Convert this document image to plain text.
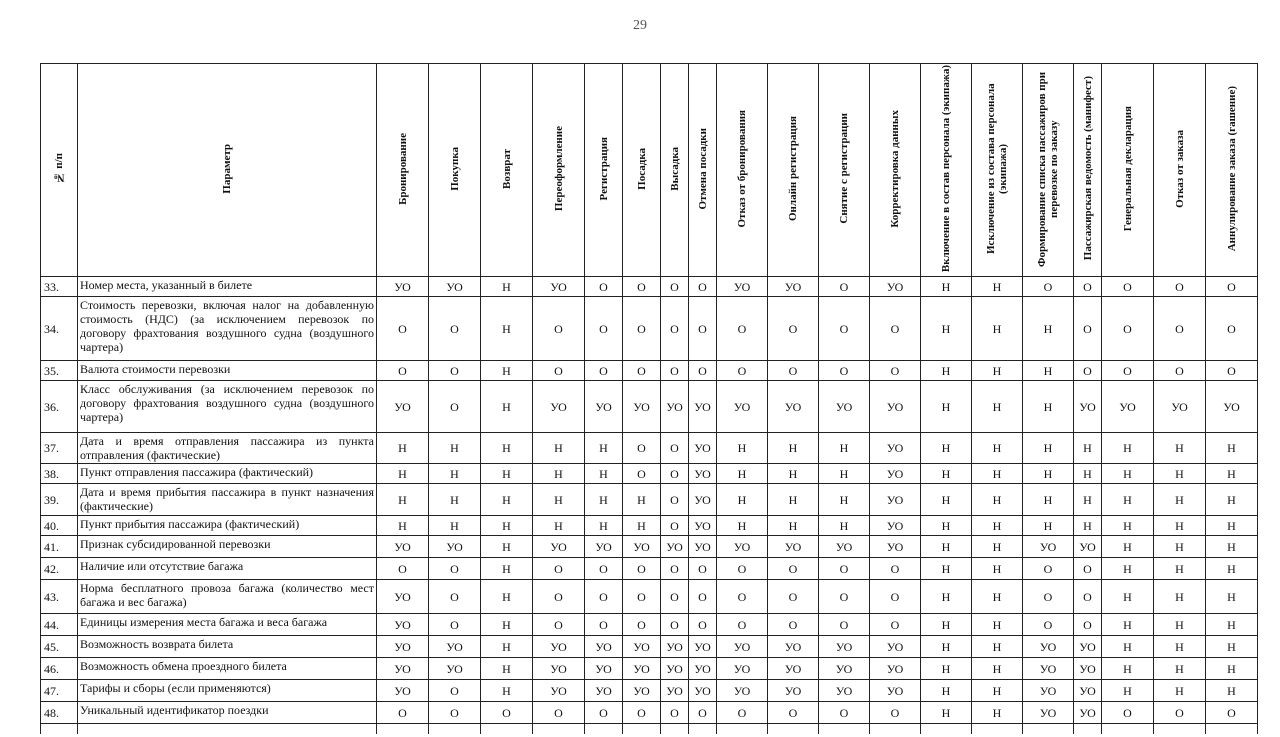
29
№ п/п	Параметр	Бронирование	Покупка	Возврат	Переоформление	Регистрация	Посадка	Высадка	Отмена посадки	Отказ от бронирования	Онлайн регистрация	Снятие с регистрации	Корректировка данных	Включение в состав персонала (экипажа)	Исключение из состава персонала (экипажа)	Формирование списка пассажиров при перевозке по заказу	Пассажирская ведомость (манифест)	Генеральная декларация	Отказ от заказа	Аннулирование заказа (гашение)
33.	Номер места, указанный в билете	УО	УО	Н	УО	О	О	О	О	УО	УО	О	УО	Н	Н	О	О	О	О	О
34.	Стоимость перевозки, включая налог на добавленную стоимость (НДС) (за исключением перевозок по договору фрахтования воздушного судна (воздушного чартера)	О	О	Н	О	О	О	О	О	О	О	О	О	Н	Н	Н	О	О	О	О
35.	Валюта стоимости перевозки	О	О	Н	О	О	О	О	О	О	О	О	О	Н	Н	Н	О	О	О	О
36.	Класс обслуживания (за исключением перевозок по договору фрахтования воздушного судна (воздушного чартера)	УО	О	Н	УО	УО	УО	УО	УО	УО	УО	УО	УО	Н	Н	Н	УО	УО	УО	УО
37.	Дата и время отправления пассажира из пункта отправления (фактические)	Н	Н	Н	Н	Н	О	О	УО	Н	Н	Н	УО	Н	Н	Н	Н	Н	Н	Н
38.	Пункт отправления пассажира (фактический)	Н	Н	Н	Н	Н	О	О	УО	Н	Н	Н	УО	Н	Н	Н	Н	Н	Н	Н
39.	Дата и время прибытия пассажира в пункт назначения (фактические)	Н	Н	Н	Н	Н	Н	О	УО	Н	Н	Н	УО	Н	Н	Н	Н	Н	Н	Н
40.	Пункт прибытия пассажира (фактический)	Н	Н	Н	Н	Н	Н	О	УО	Н	Н	Н	УО	Н	Н	Н	Н	Н	Н	Н
41.	Признак субсидированной перевозки	УО	УО	Н	УО	УО	УО	УО	УО	УО	УО	УО	УО	Н	Н	УО	УО	Н	Н	Н
42.	Наличие или отсутствие багажа	О	О	Н	О	О	О	О	О	О	О	О	О	Н	Н	О	О	Н	Н	Н
43.	Норма бесплатного провоза багажа (количество мест багажа и вес багажа)	УО	О	Н	О	О	О	О	О	О	О	О	О	Н	Н	О	О	Н	Н	Н
44.	Единицы измерения места багажа и веса багажа	УО	О	Н	О	О	О	О	О	О	О	О	О	Н	Н	О	О	Н	Н	Н
45.	Возможность возврата билета	УО	УО	Н	УО	УО	УО	УО	УО	УО	УО	УО	УО	Н	Н	УО	УО	Н	Н	Н
46.	Возможность обмена проездного билета	УО	УО	Н	УО	УО	УО	УО	УО	УО	УО	УО	УО	Н	Н	УО	УО	Н	Н	Н
47.	Тарифы и сборы (если применяются)	УО	О	Н	УО	УО	УО	УО	УО	УО	УО	УО	УО	Н	Н	УО	УО	Н	Н	Н
48.	Уникальный идентификатор поездки	О	О	О	О	О	О	О	О	О	О	О	О	Н	Н	УО	УО	О	О	О
